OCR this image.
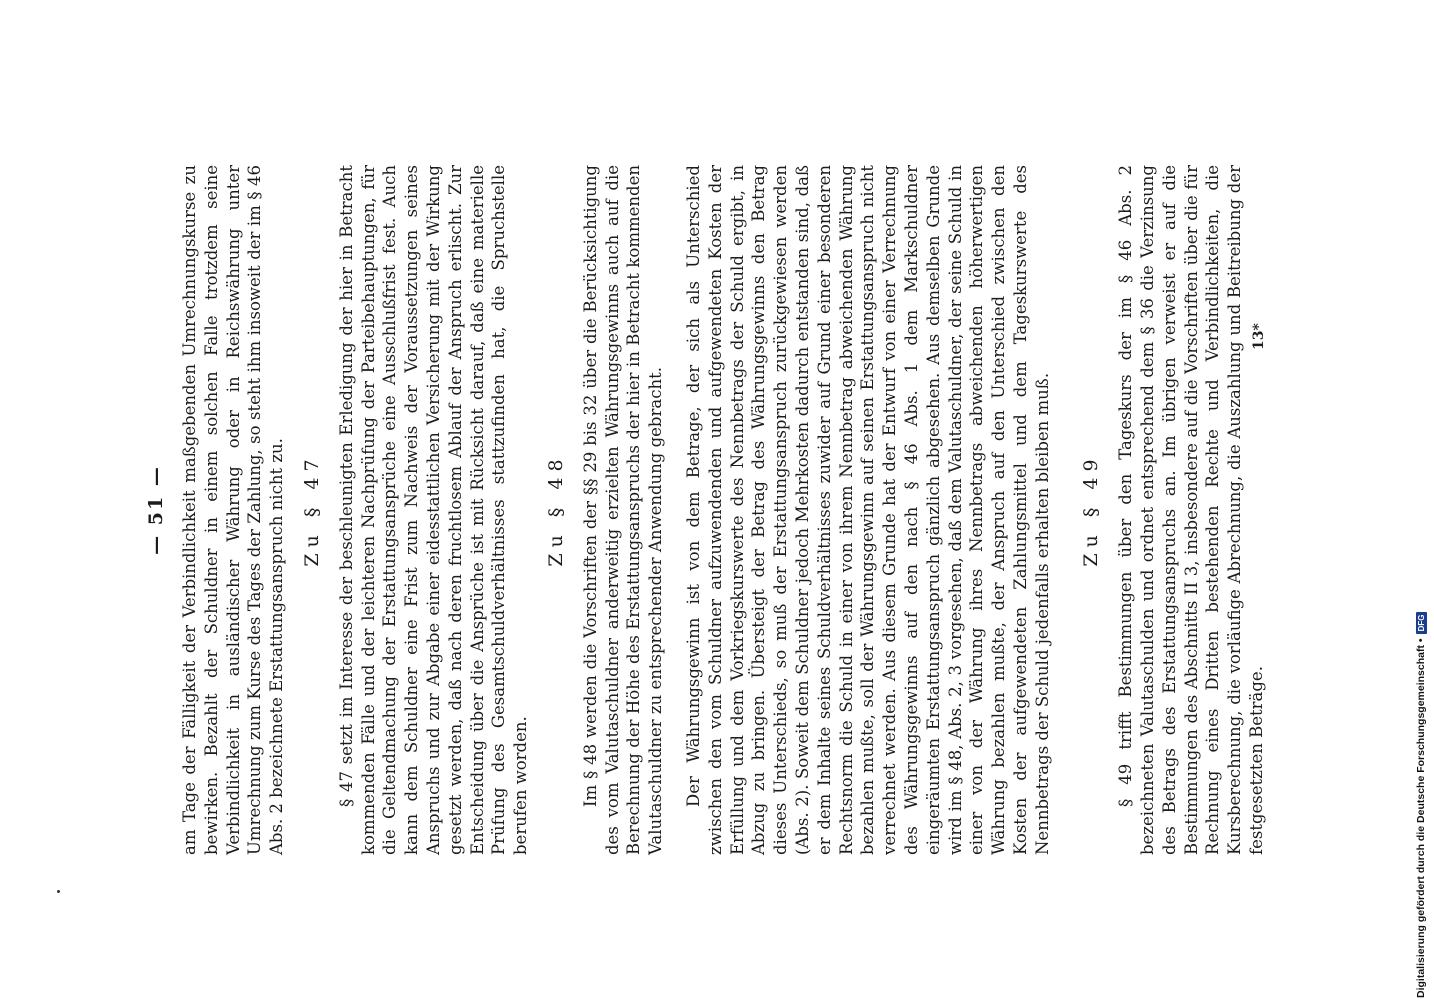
— 51 — am Tage der Fälligkeit der Verbindlichkeit maßgebenden Umrechnungskurse zu bewirken. Bezahlt der Schuldner in einem solchen Falle trotzdem seine Verbindlichkeit in ausländischer Währung oder in Reichswährung unter Umrechnung zum Kurse des Tages der Zahlung, so steht ihm insoweit der im § 46 Abs. 2 bezeichnete Erstattungsanspruch nicht zu. Zu § 47 § 47 setzt im Interesse der beschleunigten Erledigung der hier in Betracht kommenden Fälle und der leichteren Nachprüfung der Parteibehauptungen, für die Geltendmachung der Erstattungsansprüche eine Ausschlußfrist fest. Auch kann dem Schuldner eine Frist zum Nachweis der Voraussetzungen seines Anspruchs und zur Abgabe einer eidesstattlichen Versicherung mit der Wirkung gesetzt werden, daß nach deren fruchtlosem Ablauf der Anspruch erlischt. Zur Entscheidung über die Ansprüche ist mit Rücksicht darauf, daß eine materielle Prüfung des Gesamtschuldverhältnisses stattzufinden hat, die Spruchstelle berufen worden.

Zu § 48 Im § 48 werden die Vorschriften der §§ 29 bis 32 über die Berücksichtigung des vom Valutaschuldner anderweitig erzielten Währungsgewinns auch auf die Berechnung der Höhe des Erstattungsanspruchs der hier in Betracht kommenden Valutaschuldner zu entsprechender Anwendung gebracht. Der Währungsgewinn ist von dem Betrage, der sich als Unterschied zwischen den vom Schuldner aufzuwendenden und aufgewendeten Kosten der Erfüllung und dem Vorkriegskurswerte des Nennbetrags der Schuld ergibt, in Abzug zu bringen. Übersteigt der Betrag des Währungsgewinns den Betrag dieses Unterschieds, so muß der Erstattungsanspruch zurückgewiesen werden (Abs. 2). Soweit dem Schuldner jedoch Mehrkosten dadurch entstanden sind, daß er dem Inhalte seines Schuldverhältnisses zuwider auf Grund einer besonderen Rechtsnorm die Schuld in einer von ihrem Nennbetrag abweichenden Währung bezahlen mußte, soll der Währungsgewinn auf seinen Erstattungsanspruch nicht verrechnet werden. Aus diesem Grunde hat der Entwurf von einer Verrechnung des Währungsgewinns auf den nach § 46 Abs. 1 dem Markschuldner eingeräumten Erstattungsanspruch gänzlich abgesehen. Aus demselben Grunde wird im § 48, Abs. 2, 3 vorgesehen, daß dem Valutaschuldner, der seine Schuld in einer von der Währung ihres Nennbetrags abweichenden höherwertigen Währung bezahlen mußte, der Anspruch auf den Unterschied zwischen den Kosten der aufgewendeten Zahlungsmittel und dem Tageskurswerte des Nennbetrags der Schuld jedenfalls erhalten bleiben muß. Zu § 49 § 49 trifft Bestimmungen über den Tageskurs der im § 46 Abs. 2 bezeichneten Valutaschulden und ordnet entsprechend dem § 36 die Verzinsung des Betrags des Erstattungsanspruchs an. Im übrigen verweist er auf die Bestimmungen des Abschnitts II 3, insbesondere auf die Vorschriften über die für Rechnung eines Dritten bestehenden Rechte und Verbindlichkeiten, die Kursberechnung, die vorläufige Abrechnung, die Auszahlung und Beitreibung der festgesetzten Beträge.

13*
Digitalisierung gefördert durch die Deutsche Forschungsgemeinschaft •
DFG
